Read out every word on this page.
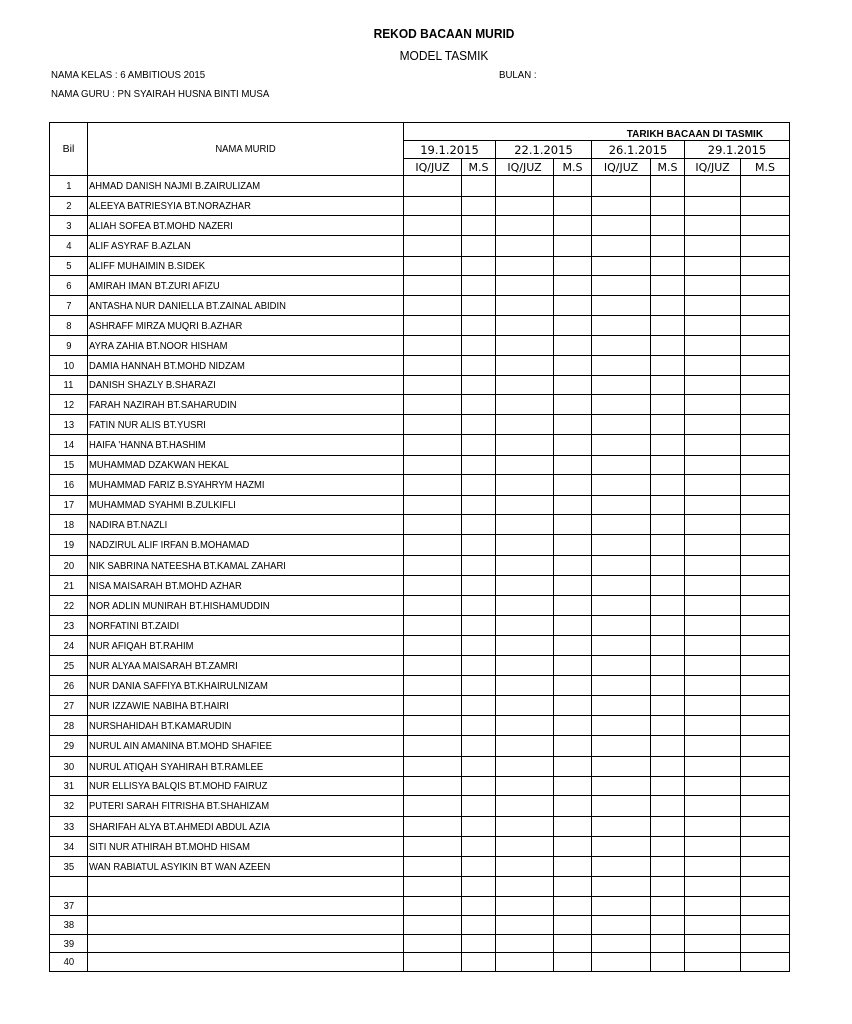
REKOD BACAAN MURID
MODEL TASMIK
NAMA KELAS : 6 AMBITIOUS 2015	BULAN :
NAMA GURU : PN SYAIRAH HUSNA BINTI MUSA
Bil	NAMA MURID	TARIKH BACAAN DI TASMIK							
		19.1.2015		22.1.2015		26.1.2015		29.1.2015	
		IQ/JUZ	M.S	IQ/JUZ	M.S	IQ/JUZ	M.S	IQ/JUZ	M.S
1	AHMAD DANISH NAJMI B.ZAIRULIZAM								
2	ALEEYA BATRIESYIA BT.NORAZHAR								
3	ALIAH SOFEA BT.MOHD NAZERI								
4	ALIF ASYRAF B.AZLAN								
5	ALIFF MUHAIMIN B.SIDEK								
6	AMIRAH IMAN BT.ZURI AFIZU								
7	ANTASHA NUR DANIELLA BT.ZAINAL ABIDIN								
8	ASHRAFF MIRZA MUQRI B.AZHAR								
9	AYRA ZAHIA BT.NOOR HISHAM								
10	DAMIA HANNAH BT.MOHD NIDZAM								
11	DANISH SHAZLY B.SHARAZI								
12	FARAH NAZIRAH BT.SAHARUDIN								
13	FATIN NUR ALIS BT.YUSRI								
14	HAIFA 'HANNA BT.HASHIM								
15	MUHAMMAD DZAKWAN HEKAL								
16	MUHAMMAD FARIZ B.SYAHRYM HAZMI								
17	MUHAMMAD SYAHMI B.ZULKIFLI								
18	NADIRA BT.NAZLI								
19	NADZIRUL ALIF IRFAN B.MOHAMAD								
20	NIK SABRINA NATEESHA BT.KAMAL ZAHARI								
21	NISA MAISARAH BT.MOHD AZHAR								
22	NOR ADLIN MUNIRAH BT.HISHAMUDDIN								
23	NORFATINI BT.ZAIDI								
24	NUR AFIQAH BT.RAHIM								
25	NUR ALYAA MAISARAH BT.ZAMRI								
26	NUR DANIA SAFFIYA BT.KHAIRULNIZAM								
27	NUR IZZAWIE NABIHA BT.HAIRI								
28	NURSHAHIDAH BT.KAMARUDIN								
29	NURUL AIN AMANINA BT.MOHD SHAFIEE								
30	NURUL ATIQAH SYAHIRAH BT.RAMLEE								
31	NUR ELLISYA BALQIS BT.MOHD FAIRUZ								
32	PUTERI SARAH FITRISHA BT.SHAHIZAM								
33	SHARIFAH ALYA BT.AHMEDI ABDUL AZIA								
34	SITI NUR ATHIRAH BT.MOHD HISAM								
35	WAN RABIATUL ASYIKIN BT WAN AZEEN								

37									
38									
39									
40									
